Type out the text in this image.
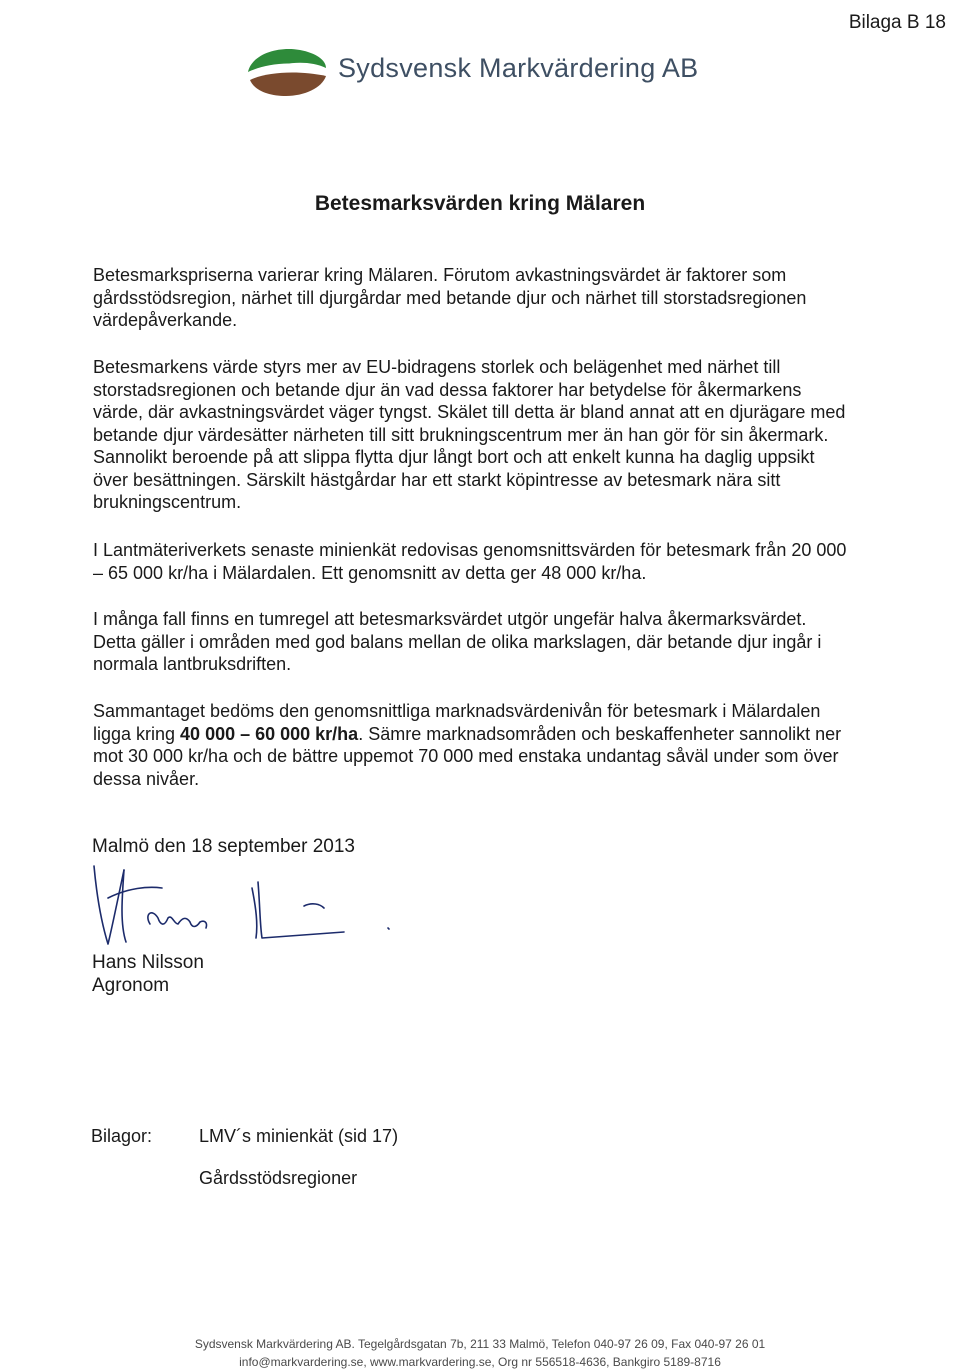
Bilaga B 18
Sydsvensk Markvärdering AB
Betesmarksvärden kring Mälaren

Betesmarkspriserna varierar kring Mälaren. Förutom avkastningsvärdet är faktorer som gårdsstödsregion, närhet till djurgårdar med betande djur och närhet till storstadsregionen värdepåverkande.

Betesmarkens värde styrs mer av EU-bidragens storlek och belägenhet med närhet till storstadsregionen och betande djur än vad dessa faktorer har betydelse för åkermarkens värde, där avkastningsvärdet väger tyngst. Skälet till detta är bland annat att en djurägare med betande djur värdesätter närheten till sitt brukningscentrum mer än han gör för sin åkermark. Sannolikt beroende på att slippa flytta djur långt bort och att enkelt kunna ha daglig uppsikt över besättningen. Särskilt hästgårdar har ett starkt köpintresse av betesmark nära sitt brukningscentrum.

I Lantmäteriverkets senaste minienkät redovisas genomsnittsvärden för betesmark från 20 000 – 65 000 kr/ha i Mälardalen. Ett genomsnitt av detta ger 48 000 kr/ha.

I många fall finns en tumregel att betesmarksvärdet utgör ungefär halva åkermarksvärdet. Detta gäller i områden med god balans mellan de olika markslagen, där betande djur ingår i normala lantbruksdriften.

Sammantaget bedöms den genomsnittliga marknadsvärdenivån för betesmark i Mälardalen ligga kring 40 000 – 60 000 kr/ha. Sämre marknadsområden och beskaffenheter sannolikt ner mot 30 000 kr/ha och de bättre uppemot 70 000 med enstaka undantag såväl under som över dessa nivåer.

Malmö den 18 september 2013
Hans Nilsson
Agronom
Bilagor:	LMV´s minienkät (sid 17)
Gårdsstödsregioner
Sydsvensk Markvärdering AB. Tegelgårdsgatan 7b, 211 33 Malmö, Telefon 040-97 26 09, Fax 040-97 26 01
info@markvardering.se, www.markvardering.se, Org nr 556518-4636, Bankgiro 5189-8716
